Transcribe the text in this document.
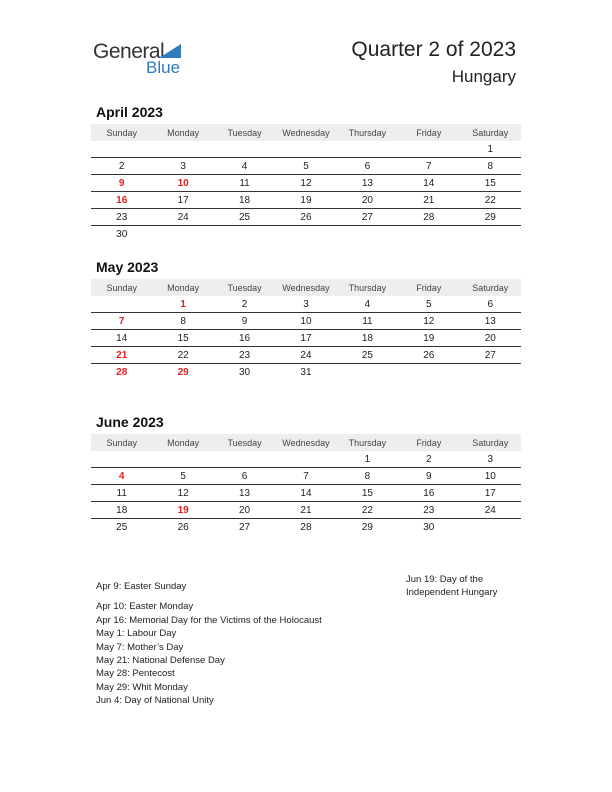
General
Blue
Quarter 2 of 2023
Hungary
April 2023
Sunday	Monday	Tuesday	Wednesday	Thursday	Friday	Saturday
						1
2	3	4	5	6	7	8
9	10	11	12	13	14	15
16	17	18	19	20	21	22
23	24	25	26	27	28	29
30						
May 2023
Sunday	Monday	Tuesday	Wednesday	Thursday	Friday	Saturday
	1	2	3	4	5	6
7	8	9	10	11	12	13
14	15	16	17	18	19	20
21	22	23	24	25	26	27
28	29	30	31			
June 2023
Sunday	Monday	Tuesday	Wednesday	Thursday	Friday	Saturday
				1	2	3
4	5	6	7	8	9	10
11	12	13	14	15	16	17
18	19	20	21	22	23	24
25	26	27	28	29	30	
Apr 9: Easter Sunday
Apr 10: Easter Monday
Apr 16: Memorial Day for the Victims of the Holocaust
May 1: Labour Day
May 7: Mother’s Day
May 21: National Defense Day
May 28: Pentecost
May 29: Whit Monday
Jun 4: Day of National Unity
Jun 19: Day of the
Independent Hungary
